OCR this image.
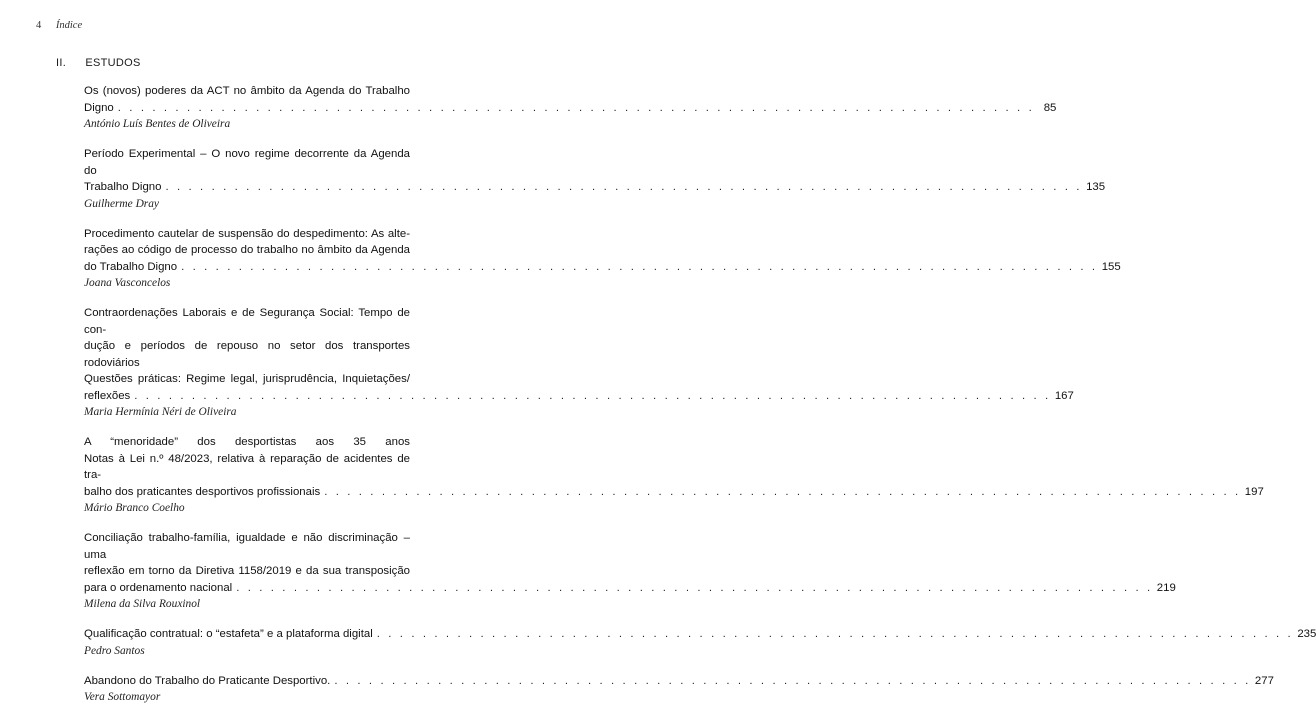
4 Índice
II. ESTUDOS
Os (novos) poderes da ACT no âmbito da Agenda do Trabalho
Digno . . . . . . . . . . . . . . . . . . . . . . . . . . . . . . . . . . . . . . . . . . . . . . . . . . . . . . . . . . . . . . . . . . . . . . . . . . . . . . . . 85
António Luís Bentes de Oliveira
Período Experimental – O novo regime decorrente da Agenda do
Trabalho Digno . . . . . . . . . . . . . . . . . . . . . . . . . . . . . . . . . . . . . . . . . . . . . . . . . . . . . . . . . . . . . . . . . . . . . . . . . . . . . . . . 135
Guilherme Dray
Procedimento cautelar de suspensão do despedimento: As alte-
rações ao código de processo do trabalho no âmbito da Agenda
do Trabalho Digno . . . . . . . . . . . . . . . . . . . . . . . . . . . . . . . . . . . . . . . . . . . . . . . . . . . . . . . . . . . . . . . . . . . . . . . . . . . . . . . . 155
Joana Vasconcelos
Contraordenações Laborais e de Segurança Social: Tempo de con-
dução e períodos de repouso no setor dos transportes rodoviários
Questões práticas: Regime legal, jurisprudência, Inquietações/
reflexões . . . . . . . . . . . . . . . . . . . . . . . . . . . . . . . . . . . . . . . . . . . . . . . . . . . . . . . . . . . . . . . . . . . . . . . . . . . . . . . . 167
Maria Hermínia Néri de Oliveira
A “menoridade” dos desportistas aos 35 anos
Notas à Lei n.º 48/2023, relativa à reparação de acidentes de tra-
balho dos praticantes desportivos profissionais . . . . . . . . . . . . . . . . . . . . . . . . . . . . . . . . . . . . . . . . . . . . . . . . . . . . . . . . . . . . . . . . . . . . . . . . . . . . . . . . 197
Mário Branco Coelho
Conciliação trabalho-família, igualdade e não discriminação – uma
reflexão em torno da Diretiva 1158/2019 e da sua transposição
para o ordenamento nacional . . . . . . . . . . . . . . . . . . . . . . . . . . . . . . . . . . . . . . . . . . . . . . . . . . . . . . . . . . . . . . . . . . . . . . . . . . . . . . . . 219
Milena da Silva Rouxinol
Qualificação contratual: o “estafeta” e a plataforma digital . . . . . . . . . . . . . . . . . . . . . . . . . . . . . . . . . . . . . . . . . . . . . . . . . . . . . . . . . . . . . . . . . . . . . . . . . . . . . . . . 235
Pedro Santos
Abandono do Trabalho do Praticante Desportivo. . . . . . . . . . . . . . . . . . . . . . . . . . . . . . . . . . . . . . . . . . . . . . . . . . . . . . . . . . . . . . . . . . . . . . . . . . . . . . . . . 277
Vera Sottomayor
